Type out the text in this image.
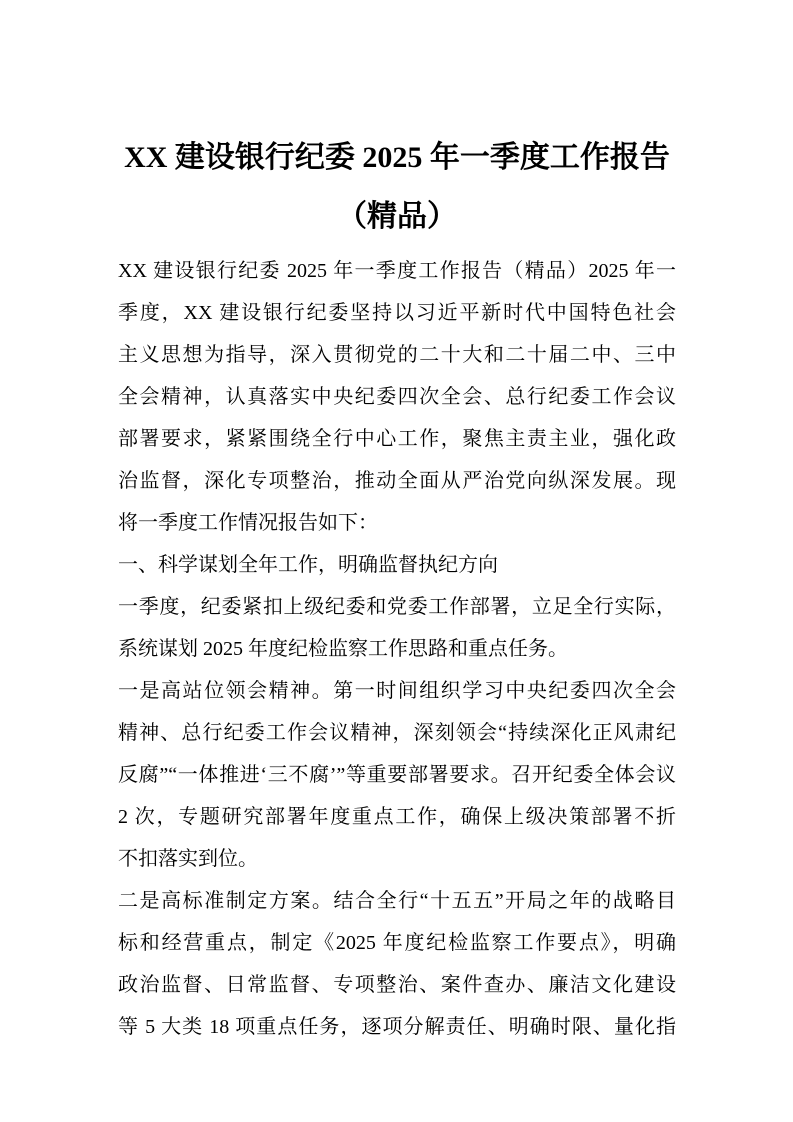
XX 建设银行纪委 2025 年一季度工作报告
（精品）
XX 建设银行纪委 2025 年一季度工作报告（精品）2025 年一
季度，XX 建设银行纪委坚持以习近平新时代中国特色社会
主义思想为指导，深入贯彻党的二十大和二十届二中、三中
全会精神，认真落实中央纪委四次全会、总行纪委工作会议
部署要求，紧紧围绕全行中心工作，聚焦主责主业，强化政
治监督，深化专项整治，推动全面从严治党向纵深发展。现
将一季度工作情况报告如下：
一、科学谋划全年工作，明确监督执纪方向
一季度，纪委紧扣上级纪委和党委工作部署，立足全行实际，
系统谋划 2025 年度纪检监察工作思路和重点任务。
一是高站位领会精神。第一时间组织学习中央纪委四次全会
精神、总行纪委工作会议精神，深刻领会“持续深化正风肃纪
反腐”“一体推进‘三不腐’”等重要部署要求。召开纪委全体会议
2 次，专题研究部署年度重点工作，确保上级决策部署不折
不扣落实到位。
二是高标准制定方案。结合全行“十五五”开局之年的战略目
标和经营重点，制定《2025 年度纪检监察工作要点》，明确
政治监督、日常监督、专项整治、案件查办、廉洁文化建设
等 5 大类 18 项重点任务，逐项分解责任、明确时限、量化指
